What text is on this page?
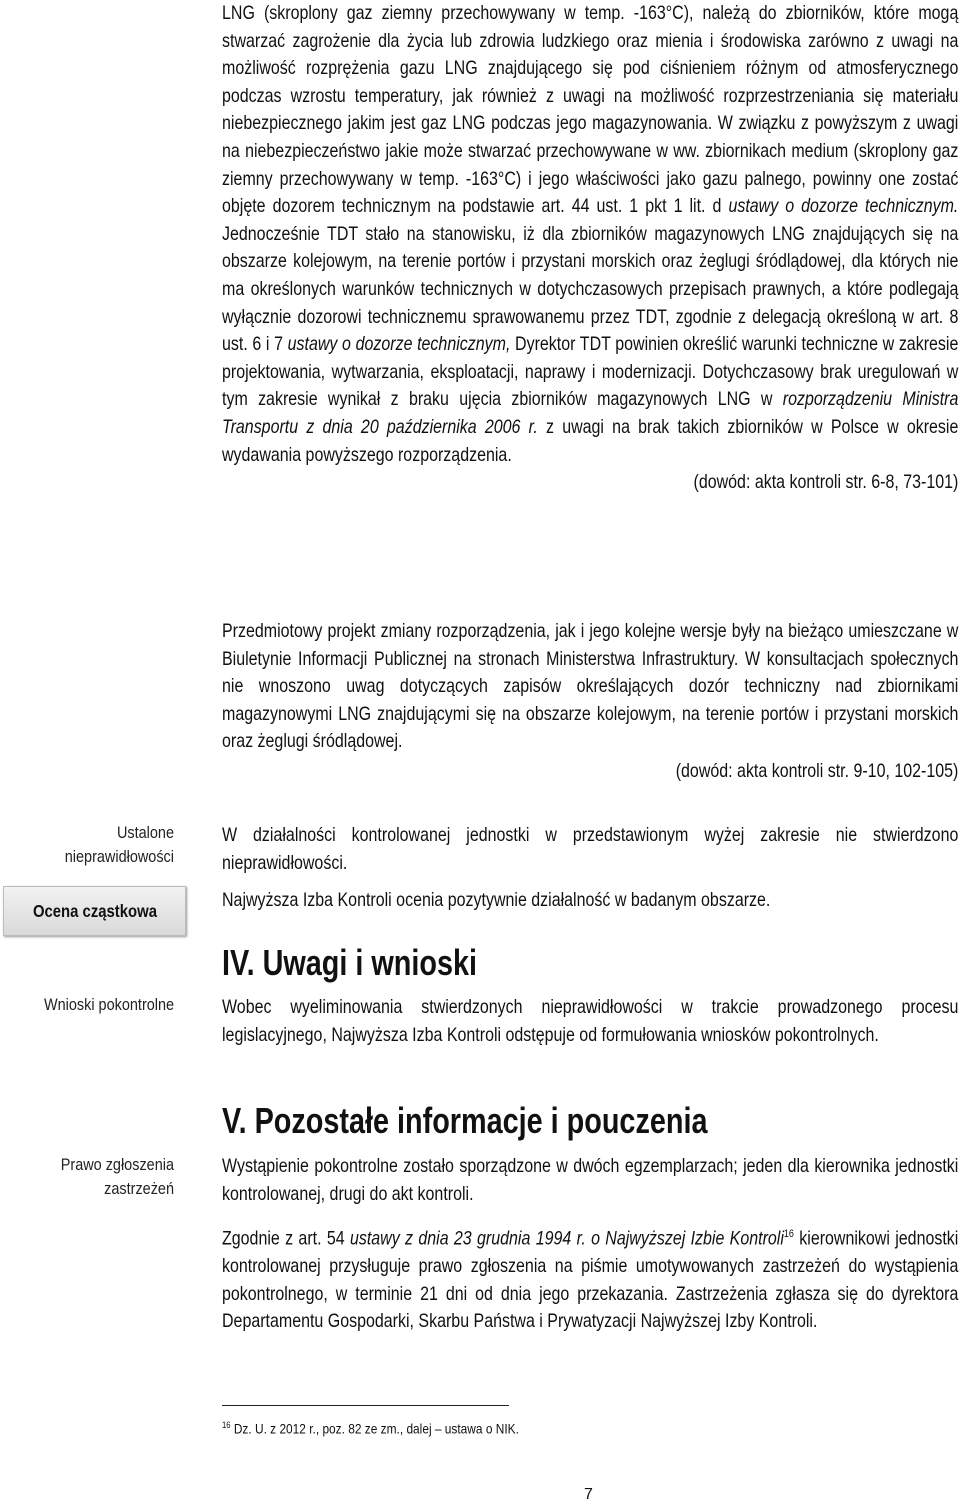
LNG (skroplony gaz ziemny przechowywany w temp. -163°C), należą do zbiorników, które mogą stwarzać zagrożenie dla życia lub zdrowia ludzkiego oraz mienia i środowiska zarówno z uwagi na możliwość rozprężenia gazu LNG znajdującego się pod ciśnieniem różnym od atmosferycznego podczas wzrostu temperatury, jak również z uwagi na możliwość rozprzestrzeniania się materiału niebezpiecznego jakim jest gaz LNG podczas jego magazynowania. W związku z powyższym z uwagi na niebezpieczeństwo jakie może stwarzać przechowywane w ww. zbiornikach medium (skroplony gaz ziemny przechowywany w temp. -163°C) i jego właściwości jako gazu palnego, powinny one zostać objęte dozorem technicznym na podstawie art. 44 ust. 1 pkt 1 lit. d ustawy o dozorze technicznym. Jednocześnie TDT stało na stanowisku, iż dla zbiorników magazynowych LNG znajdujących się na obszarze kolejowym, na terenie portów i przystani morskich oraz żeglugi śródlądowej, dla których nie ma określonych warunków technicznych w dotychczasowych przepisach prawnych, a które podlegają wyłącznie dozorowi technicznemu sprawowanemu przez TDT, zgodnie z delegacją określoną w art. 8 ust. 6 i 7 ustawy o dozorze technicznym, Dyrektor TDT powinien określić warunki techniczne w zakresie projektowania, wytwarzania, eksploatacji, naprawy i modernizacji. Dotychczasowy brak uregulowań w tym zakresie wynikał z braku ujęcia zbiorników magazynowych LNG w rozporządzeniu Ministra Transportu z dnia 20 października 2006 r. z uwagi na brak takich zbiorników w Polsce w okresie wydawania powyższego rozporządzenia.

(dowód: akta kontroli str. 6-8, 73-101)

Przedmiotowy projekt zmiany rozporządzenia, jak i jego kolejne wersje były na bieżąco umieszczane w Biuletynie Informacji Publicznej na stronach Ministerstwa Infrastruktury. W konsultacjach społecznych nie wnoszono uwag dotyczących zapisów określających dozór techniczny nad zbiornikami magazynowymi LNG znajdującymi się na obszarze kolejowym, na terenie portów i przystani morskich oraz żeglugi śródlądowej.

(dowód: akta kontroli str. 9-10, 102-105)

Ustalone nieprawidłowości
W działalności kontrolowanej jednostki w przedstawionym wyżej zakresie nie stwierdzono nieprawidłowości.
Ocena cząstkowa	Najwyższa Izba Kontroli ocenia pozytywnie działalność w badanym obszarze.
IV. Uwagi i wnioski
Wnioski pokontrolne Wobec wyeliminowania stwierdzonych nieprawidłowości w trakcie prowadzonego procesu legislacyjnego, Najwyższa Izba Kontroli odstępuje od formułowania wniosków pokontrolnych.
V. Pozostałe informacje i pouczenia
Wystąpienie pokontrolne zostało sporządzone w dwóch egzemplarzach; jeden dla kierownika jednostki kontrolowanej, drugi do akt kontroli.
Prawo zgłoszenia zastrzeżeń

Zgodnie z art. 54 ustawy z dnia 23 grudnia 1994 r. o Najwyższej Izbie Kontroli$^{16}$ kierownikowi jednostki kontrolowanej przysługuje prawo zgłoszenia na piśmie umotywowanych zastrzeżeń do wystąpienia pokontrolnego, w terminie 21 dni od dnia jego przekazania. Zastrzeżenia zgłasza się do dyrektora Departamentu Gospodarki, Skarbu Państwa i Prywatyzacji Najwyższej Izby Kontroli.

$^{16}$ Dz. U. z 2012 r., poz. 82 ze zm., dalej – ustawa o NIK.
7
